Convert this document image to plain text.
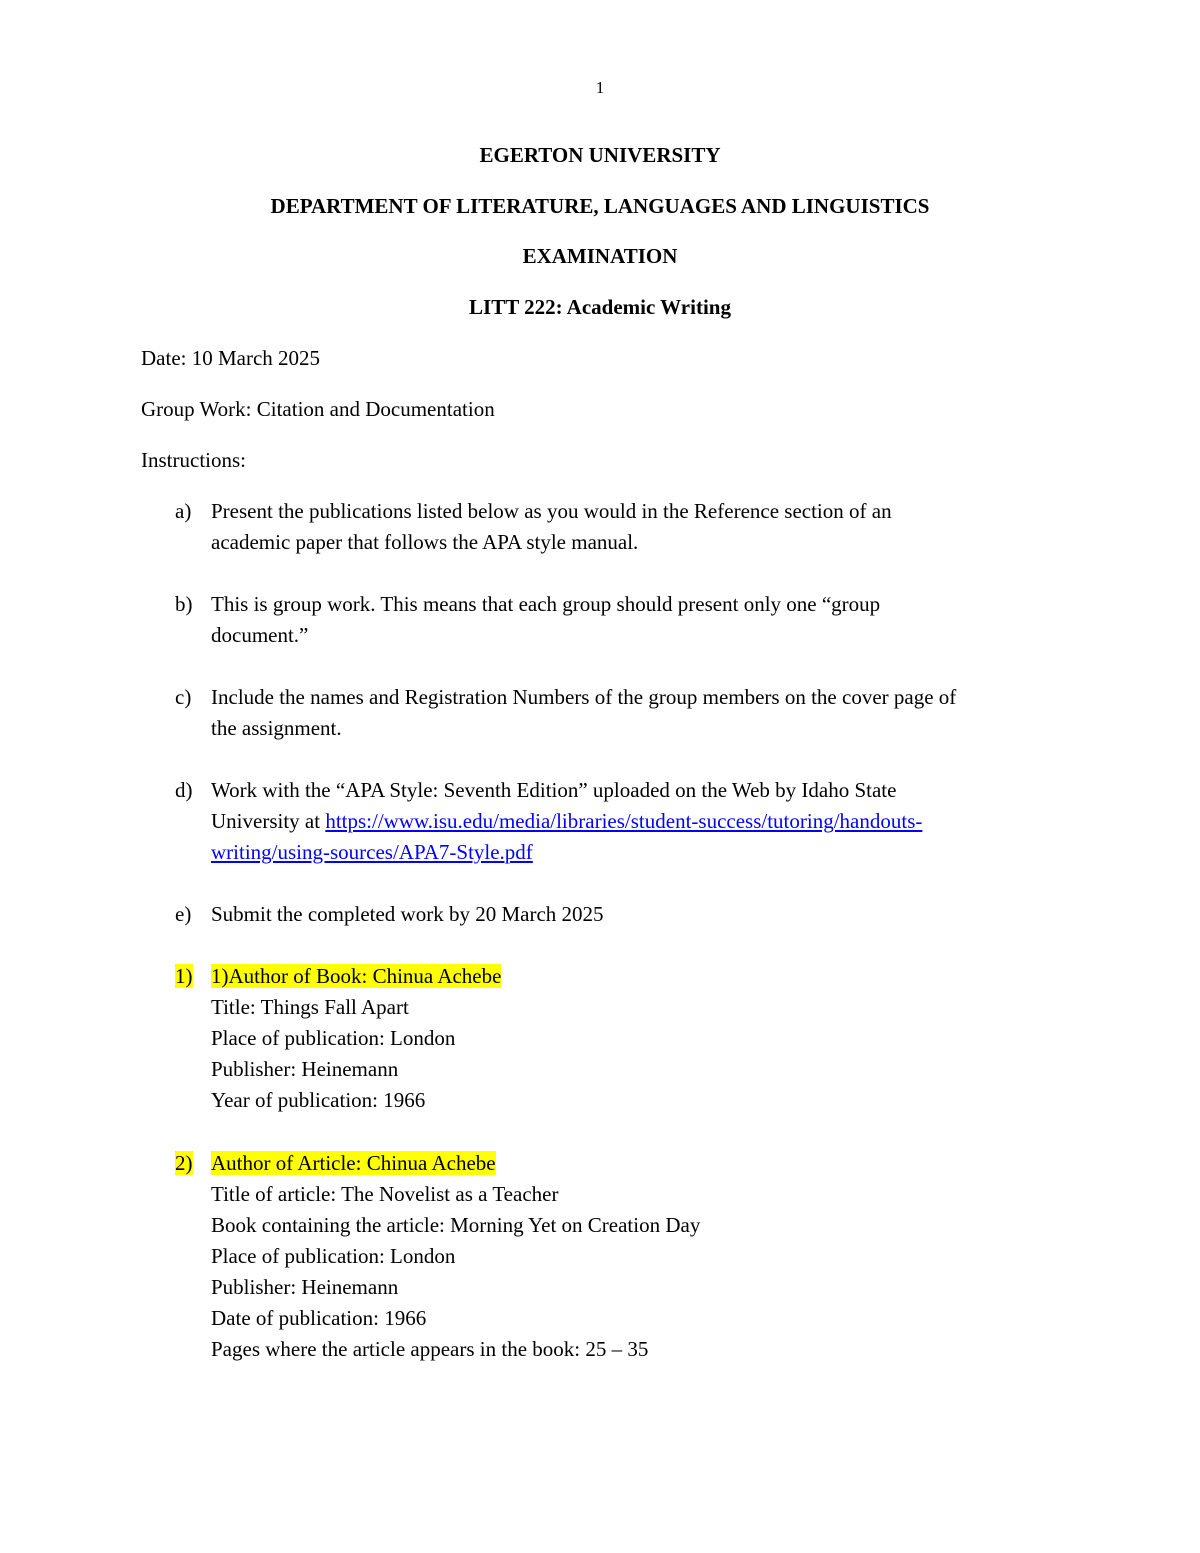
1
EGERTON UNIVERSITY
DEPARTMENT OF LITERATURE, LANGUAGES AND LINGUISTICS
EXAMINATION
LITT 222: Academic Writing
Date: 10 March 2025
Group Work: Citation and Documentation
Instructions:
a) Present the publications listed below as you would in the Reference section of an
academic paper that follows the APA style manual.
b) This is group work. This means that each group should present only one “group
document.”
c) Include the names and Registration Numbers of the group members on the cover page of
the assignment.
d) Work with the “APA Style: Seventh Edition” uploaded on the Web by Idaho State
University at https://www.isu.edu/media/libraries/student-success/tutoring/handouts-
writing/using-sources/APA7-Style.pdf
e) Submit the completed work by 20 March 2025
1) 1)Author of Book: Chinua Achebe
Title: Things Fall Apart
Place of publication: London
Publisher: Heinemann
Year of publication: 1966
2) Author of Article: Chinua Achebe
Title of article: The Novelist as a Teacher
Book containing the article: Morning Yet on Creation Day
Place of publication: London
Publisher: Heinemann
Date of publication: 1966
Pages where the article appears in the book: 25 – 35
